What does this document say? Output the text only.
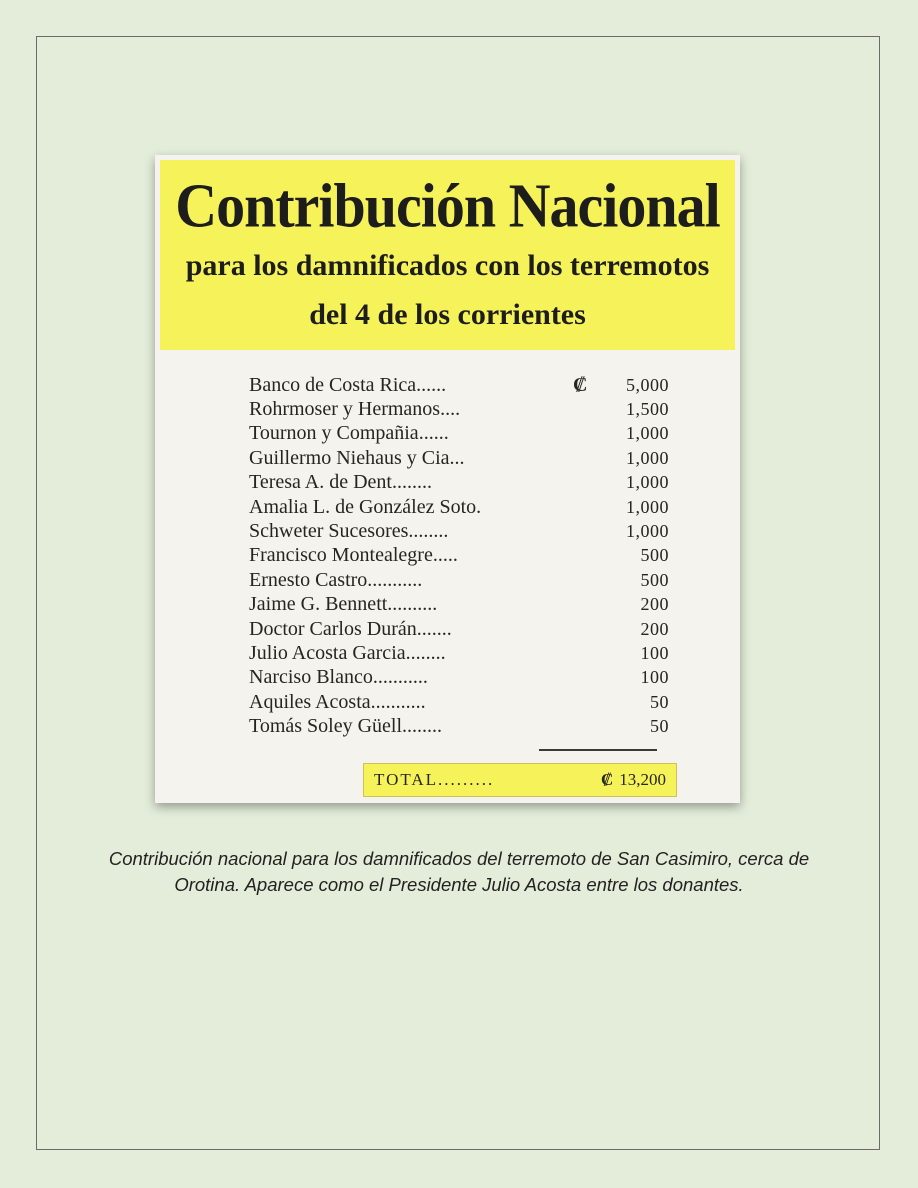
Contribución Nacional
para los damnificados con los terremotos
del 4 de los corrientes
Banco de Costa Rica......	₡	5,000
Rohrmoser y Hermanos....	1,500
Tournon y Compañia......	1,000
Guillermo Niehaus y Cia...	1,000
Teresa A. de Dent........	1,000
Amalia L. de González Soto.	1,000
Schweter Sucesores........	1,000
Francisco Montealegre.....	500
Ernesto Castro...........	500
Jaime G. Bennett..........	200
Doctor Carlos Durán.......	200
Julio Acosta Garcia........	100
Narciso Blanco...........	100
Aquiles Acosta...........	50
Tomás Soley Güell........	50
TOTAL.........	₡ 13,200
Contribución nacional para los damnificados del terremoto de San Casimiro, cerca de Orotina. Aparece como el Presidente Julio Acosta entre los donantes.
